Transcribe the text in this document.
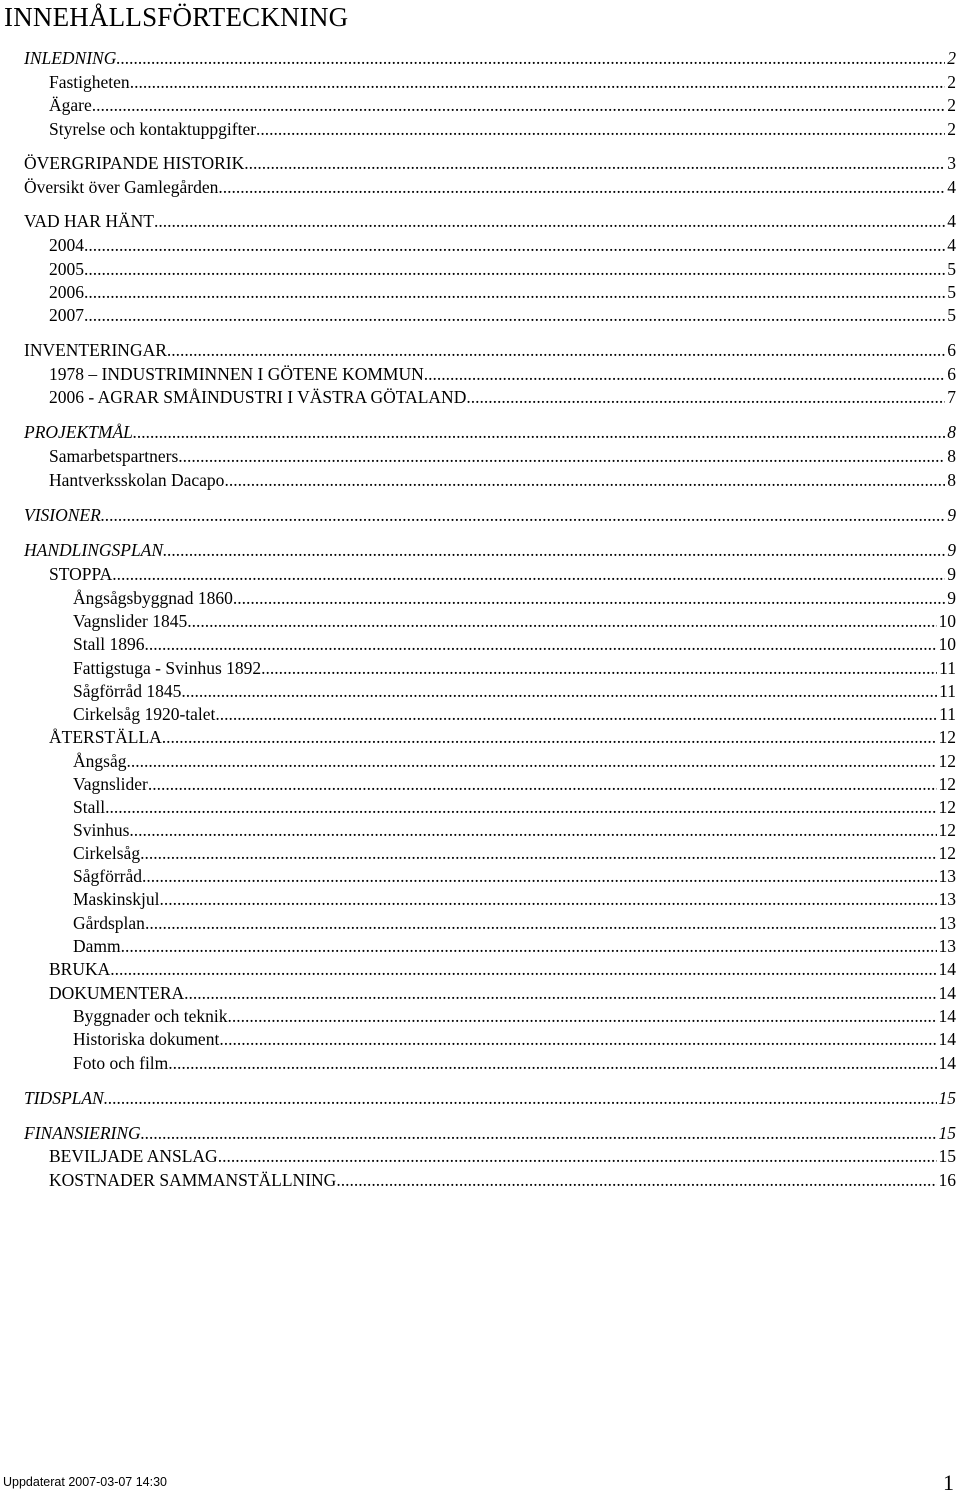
INNEHÅLLSFÖRTECKNING
INLEDNING .....	2
Fastigheten .....	2
Ägare .....	2
Styrelse och kontaktuppgifter .....	2
ÖVERGRIPANDE HISTORIK .....	3
Översikt över Gamlegården .....	4
VAD HAR HÄNT .....	4
2004 .....	4
2005 .....	5
2006 .....	5
2007 .....	5
INVENTERINGAR .....	6
1978 – INDUSTRIMINNEN I GÖTENE KOMMUN .....	6
2006 - AGRAR SMÅINDUSTRI I VÄSTRA GÖTALAND. .....	7
PROJEKTMÅL .....	8
Samarbetspartners .....	8
Hantverksskolan Dacapo .....	8
VISIONER .....	9
HANDLINGSPLAN .....	9
STOPPA .....	9
Ångsågsbyggnad 1860 .....	9
Vagnslider 1845 .....	10
Stall 1896 .....	10
Fattigstuga - Svinhus 1892 .....	11
Sågförråd 1845 .....	11
Cirkelsåg 1920-talet .....	11
ÅTERSTÄLLA .....	12
Ångsåg .....	12
Vagnslider .....	12
Stall .....	12
Svinhus .....	12
Cirkelsåg .....	12
Sågförråd .....	13
Maskinskjul .....	13
Gårdsplan .....	13
Damm .....	13
BRUKA .....	14
DOKUMENTERA .....	14
Byggnader och teknik .....	14
Historiska dokument .....	14
Foto och film .....	14
TIDSPLAN .....	15
FINANSIERING .....	15
BEVILJADE ANSLAG .....	15
KOSTNADER SAMMANSTÄLLNING .....	16
Uppdaterat 2007-03-07 14:30	1
